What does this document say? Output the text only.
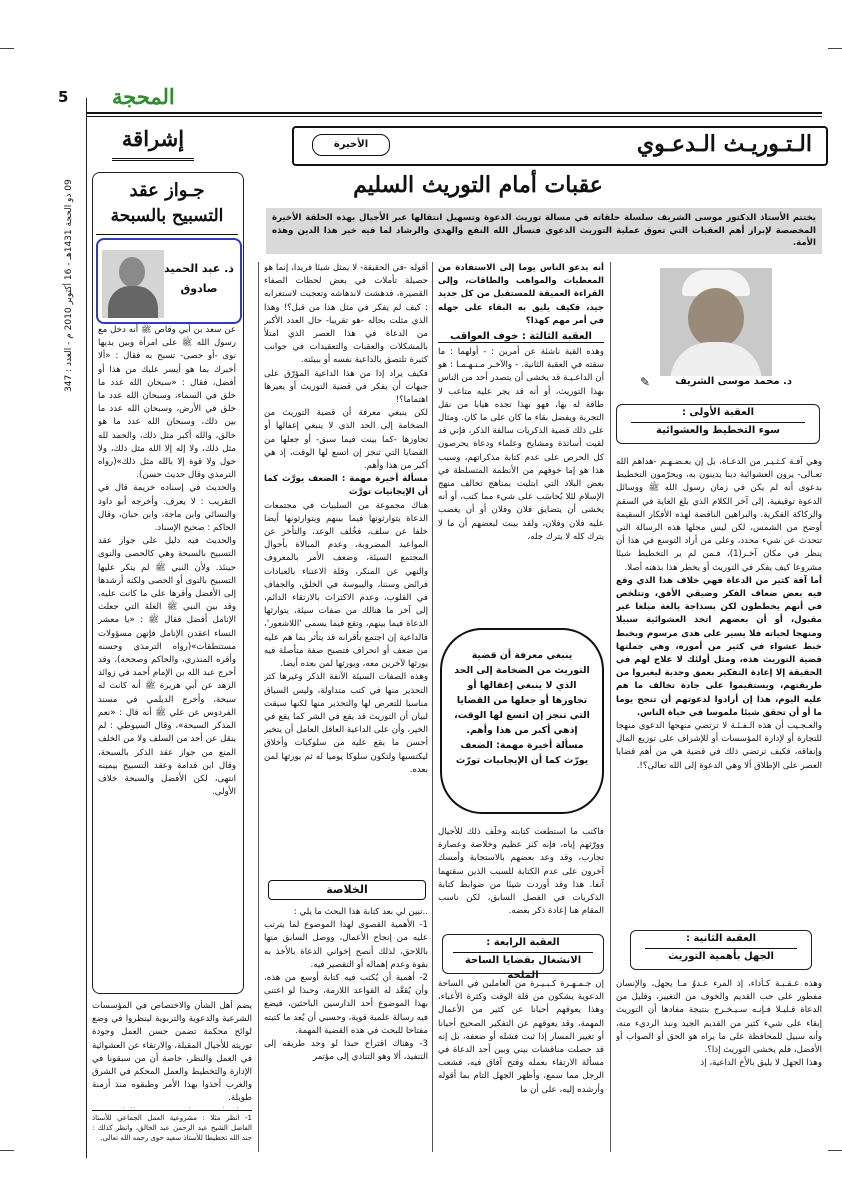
5 المحجة
09 ذو الحجة 1431هـ - 16 أكتوبر 2010 م - العدد : 347
الـتـوريـث الـدعـوي
الأخيرة
عقبات أمام التوريث السليم
يختتم الأستاذ الدكتور موسى الشريف سلسلة حلقاته في مسالة توريث الدعوة وتسهيل انتقالها عبر الأجيال بهذه الحلقة الأخيرة المخصصة لإبراز أهم العقبات التي تعوق عملية التوريث الدعوي فنسأل الله النفع والهدي والرشاد لما فيه خير هذا الدين وهذه الأمة.
إشراقة
جـواز عقد
التسبيح بالسبحة
ذ. عبد الحميد
صادوق

عن سعد بن أبي وقاص ﷺ أنه دخل مع رسول الله ﷺ على امرأة وبين يديها نوى -أو حصى- تسبح به فقال : «ألا أخبرك بما هو أيسر عليك من هذا أو أفضل، فقال : «سبحان الله عدد ما خلق في السماء، وسبحان الله عدد ما خلق في الأرض، وسبحان الله عدد ما بين ذلك، وسبحان الله عدد ما هو خالق، والله أكبر مثل ذلك، والحمد لله مثل ذلك، ولا إله إلا الله مثل ذلك، ولا حول ولا قوة إلا بالله مثل ذلك»(رواه الترمذي وقال حديث حسن).

والحديث في إسناده خزيمة قال في التقريب : لا يعرف. وأخرجه أبو داود والنسائي وابن ماجة، وابن حبان، وقال الحاكم : صحيح الإسناد.

والحديث فيه دليل على جواز عقد التسبيح بالسبحة وهي كالحصى والنوى حينئذ. ولأن النبي ﷺ لم ينكر عليها التسبيح بالنوى أو الحصى ولكنه أرشدها إلى الأفضل وأقرها على ما كانت عليه، وقد بين النبي ﷺ العلة التي جعلت الإنامل أفضل فقال ﷺ : «يا معشر النساء اعقدن الإنامل فإنهن مسؤولات مستنطقات»(رواه الترمذي وحسنه وأقره المنذري، والحاكم وصححه)، وقد أخرج عبد الله بن الإمام أحمد في زوائد الزهد عن أبي هريرة ﷺ أنه كانت له سبحة، وأخرج الديلمي في مسند الفردوس عن علي ﷺ أنه قال : «نعم المذكر السبحة»، وقال السيوطي : لم ينقل عن أحد من السلف ولا من الخلف المنع من جواز عقد الذكر بالسبحة، وقال ابن قدامة وعقد التسبيح بيمينه انتهى، لكن الأفضل والسبحة خلاف الأولى.

د. محمد موسى الشريف
✎
العقبة الأولى :
سوء التخطيط والعشوائية

وهي آفـة كـثـيـر من الدعـاة، بل إن بعـضـهـم -هداهم الله تعـالى- يرون العشوائية دينا يدينون به، ويحرّمون التخطيط بدعوى أنه لم يكن في زمان رسول الله ﷺ ووسائل الدعوة توقيفية، إلى آخر الكلام الذي بلغ الغاية في السقم والركاكة الفكرية. والبراهين الناقضة لهذه الأفكار السقيمة أوضح من الشمس، لكن ليس محلها هذه الرسالة التي تتحدث عن شيء محدد، وعلى من أراد التوسع في هذا أن ينظر في مكان آخـر(1)، فـمن لم ير التخطيط شيئا مشروعا كيف يفكر في التوريث أو يخطر هذا بذهنه أصلا.

أما آفة كثير من الدعاة فهي خلاف هذا الذي وقع فيه بعض ضعاف الفكر وضيقي الأفق، وتتلخص في أنهم يخططون لكن بسذاجة بالغة مبلغا غير مقبول، أو أن بعضهم اتخذ العشوائية سبيلا ومنهجا لحياته فلا يسير على هدى مرسوم ويخبط خبط عشواء في كثير من أموره، وهي جملتها قضية التوريث هذه، ومثل أولئك لا علاج لهم في الحقيقة إلا إعادة التفكير بعمق وجدية ليغيروا من طريقتهم، ويستقيموا على جادة تخالف ما هم عليه اليوم، هذا إن أرادوا لدعوتهم أن تنجح يوما ما أو أن تحقق شيئا ملموسا في حياة الناس.

والعـجـيب أن هذه الـفـئـة لا ترتضي منهجها الدعوي منهجا للتجارة أو لإدارة المؤسسات أو للإشراف على توزيع المال وإنفاقه، فكيف ترتضي ذلك في قضية هي من أهم قضايا العصر على الإطلاق ألا وهي الدعوة إلى الله تعالى؟!.

العقبة الثانية :
الجهل بأهمية التوريث

وهذه عـقـبـة كـأداء، إذ المرء عـدوٌ مـا يجهل، والإنسان مفطور على حب القديم والخوف من التغيير، وقليل من الدعاة قـليـلا فـإنـه سـيـخـرج بنتيجة مفادها أن التوريث إبقاء على شيء كثير من القديم الجيد ونبذ الرديء منه، وأنه سبيل للمحافظة على ما يراه هو الحق أو الصواب أو الأفضل، فلم يخشى التوريث إذا؟.

وهذا الجهل لا يليق بالأخ الداعية، إذ

أنه يدعو الناس يوما إلى الاستفادة من المعطيات والمواهب والطاقات، وإلى القراءة العميقة للمستقبل من كل جديد جيد، فكيف يليق به البقاء على جهله في أمر مهم كهذا؟

العقبة الثالثة : خوف العواقب

وهذه القبة ناشئة عن أمرين : - أولهما : ما سقته في العقبة الثانية. - والآخـر مـنـهـمـا : هو أن الداعـيـة قد يخشى أن يتصدر أحد من الناس بهذا التوريث، أو أنه قد يجر عليه متاعب لا طاقة له بها، فهو بهذا تجده هيابا من نقل التجربة ويفضل بقاء ما كان على ما كان. ومثال على ذلك قضية الذكريات سالفة الذكر، فإني قد لقيت أساتذة ومشايخ وعلماء ودعاة يحرصون كل الحرص على عدم كتابة مذكراتهم، وسبب هذا هو إما خوفهم من الأنظمة المتسلطة في بعض البلاد التي ابتليت بمناهج تخالف منهج الإسلام لئلا يُحاسَب على شيء مما كتب، أو أنه يخشى أن يتضايق فلان وفلان أو أن يغضب عليه فلان وفلان، ولقد بينت لبعضهم أن ما لا يترك كله لا يترك جله،

ينبغي معرفة أن قضية التوريث من الضخامة إلى الحد الذي لا ينبغي إغفالها أو تجاوزها أو جعلها من القضايا التي تنجز إن اتسع لها الوقت، إذهي أكبر من هذا وأهم. مسألة أخيرة مهمة: الضعف يورّث كما أن الإيجابيات تورّث

فاكتب ما استطعت كتابته وخلّف ذلك للأجيال وورّثهم إياه، فإنه كنز عظيم وخلاصة وعصارة تجارب، وقد وعد بعضهم بالاستجابة وأمسك آخرون على عدم الكتابة للسبب الذين سقتهما آنفا. هذا وقد أوردت شيئا من ضوابط كتابة الذكريات في الفصل السابق، لكن ناسب المقام هنا إعادة ذكر بعضه.

العقبة الرابعة :
الانشغال بقضايا الساحة الملحة

إن جـمـهـرة كـبـيـرة من العاملين في الساحة الدعوية يشكون من قلة الوقت وكثرة الأعباء، وهذا يعوقهم أحيانا عن كثير من الأعمال المهمة، وقد يعوقهم عن التفكير الصحيح أحيانا أو تغيير المسار إذا ثبت فشله أو ضعفه، بل إنه قد حصلت مناقشات بيني وبين أحد الدعاة في مسألة الارتقاء بعمله وفتح آفاق فيه، فشعب الرجل مما سمع، وأظهر الجهل التام بما أقوله وأرشده إليه، على أن ما

أقوله -في الحقيقة- لا يمثل شيئا فريدا، إنما هو حصيلة تأملات في بعض لحظات الصفاء القصيرة، فدهشت لاندهاشه وتعجبت لاستغرابه : كيف لم يفكر في مثل هذا من قبل؟! وهذا الذي مثلت بحاله -هو تقريبا- حال العدد الأكبر من الدعاة في هذا العصر الذي امتلأ بالمشكلات والعقبات والتعقيدات في جوانب كثيرة تلتصق بالداعية نفسه أو ببيئته.

فكيف يراد إذا من هذا الداعية المؤرّق على جبهات أن يفكر في قضية التوريث أو يعيرها اهتماما؟!

لكن ينبغي معرفة أن قضية التوريث من الضخامة إلى الحد الذي لا ينبغي إغفالها أو تجاوزها -كما بينت فيما سبق- أو جعلها من القضايا التي تنجز إن اتسع لها الوقت، إذ هي أكبر من هذا وأهم.

مسألة أخيرة مهمة : الضعف يورَّث كما أن الإيجابيات تورَّث

هناك مجموعة من السلبيات في مجتمعات الدعاة يتوارثونها فيما بينهم ويتوارثونها أيضا خلفا عن سلف، فخُلف الوعد، والتأخر عن المواعيد المضروبة، وعدم المبالاة بأحوال المجتمع السيئة، وضعف الأمر بالمعروف والنهي عن المنكر، وقلة الاعتناء بالعبادات فرائض وسننا، واليبوسة في الخلق، والجفاف في القلوب، وعدم الاكتراث بالارتقاء الدائم، إلى آخر ما هنالك من صفات سيئة، يتوارثها الدعاة فيما بينهم، وتقع فيما يسمى 'اللاشعور'، فالداعية إن اجتمع بأقرانه قد يتأثر بما هم عليه من ضعف أو انحراف فتصبح صفة متأصلة فيه يورثها لآخرين معه، ويورثها لمن بعده أيضا.

وهذه الصفات السيئة الآنفة الذكر وغيرها كثر التحذير منها في كتب متداولة، وليس السياق مناسبا للتعرض لها والتحذير منها لكنها سيقت لبيان أن التوريث قد يقع في الشر كما يقع في الخير، وأن على الداعية العاقل العامل أن يتخير أحسن ما يقع عليه من سلوكيات وأخلاق ليكتسبها ولتكون سلوكا يوميا له ثم يورثها لمن بعده.

الخلاصة

..تبين لي بعد كتابة هذا البحث ما يلي :

1- الأهمية القصوى لهذا الموضوع لما يترتب عليه من إنجاح الأعمال، ووصل السابق منها باللاحق، لذلك أنصح إخواني الدعاة بالأخذ به بقوة وعدم إهماله أو التقصير فيه.

2- أهمية أن يُكتب فيه كتابة أوسع من هذه، وأن يُقعَّد له القواعد اللازمة، وحبذا لو اعتنى بهذا الموضوع أحد الدارسين الباحثين، فيضع فيه رسالة علمية قوية، وحسبي أن يُعد ما كتبته مفتاحا للبحث في هذه القضية المهمة.

3- وهناك اقتراح حبذا لو وجد طريقه إلى التنفيذ، ألا وهو التنادي إلى مؤتمر

يضم أهل الشأن والاختصاص في المؤسسات الشرعية والدعوية والتربوية لينظروا في وضع لوائح محكمة تضمن حسن العمل وجودة توريثه للأجيال المقبلة، والارتقاء عن العشوائية في العمل والنظر، خاصة أن من سبقونا في الإدارة والتخطيط والعمل المحكم في الشرق والغرب أخذوا بهذا الأمر وطبقوه منذ أزمنة طويلة.

1- انظر مثلا : مشروعية العمل الجماعي للأستاذ الفاضل الشيخ عبد الرحمن عبد الخالق، وانظر كذلك : جند الله تخطيطا للأستاذ سعيد حوى رحمه الله تعالى.
